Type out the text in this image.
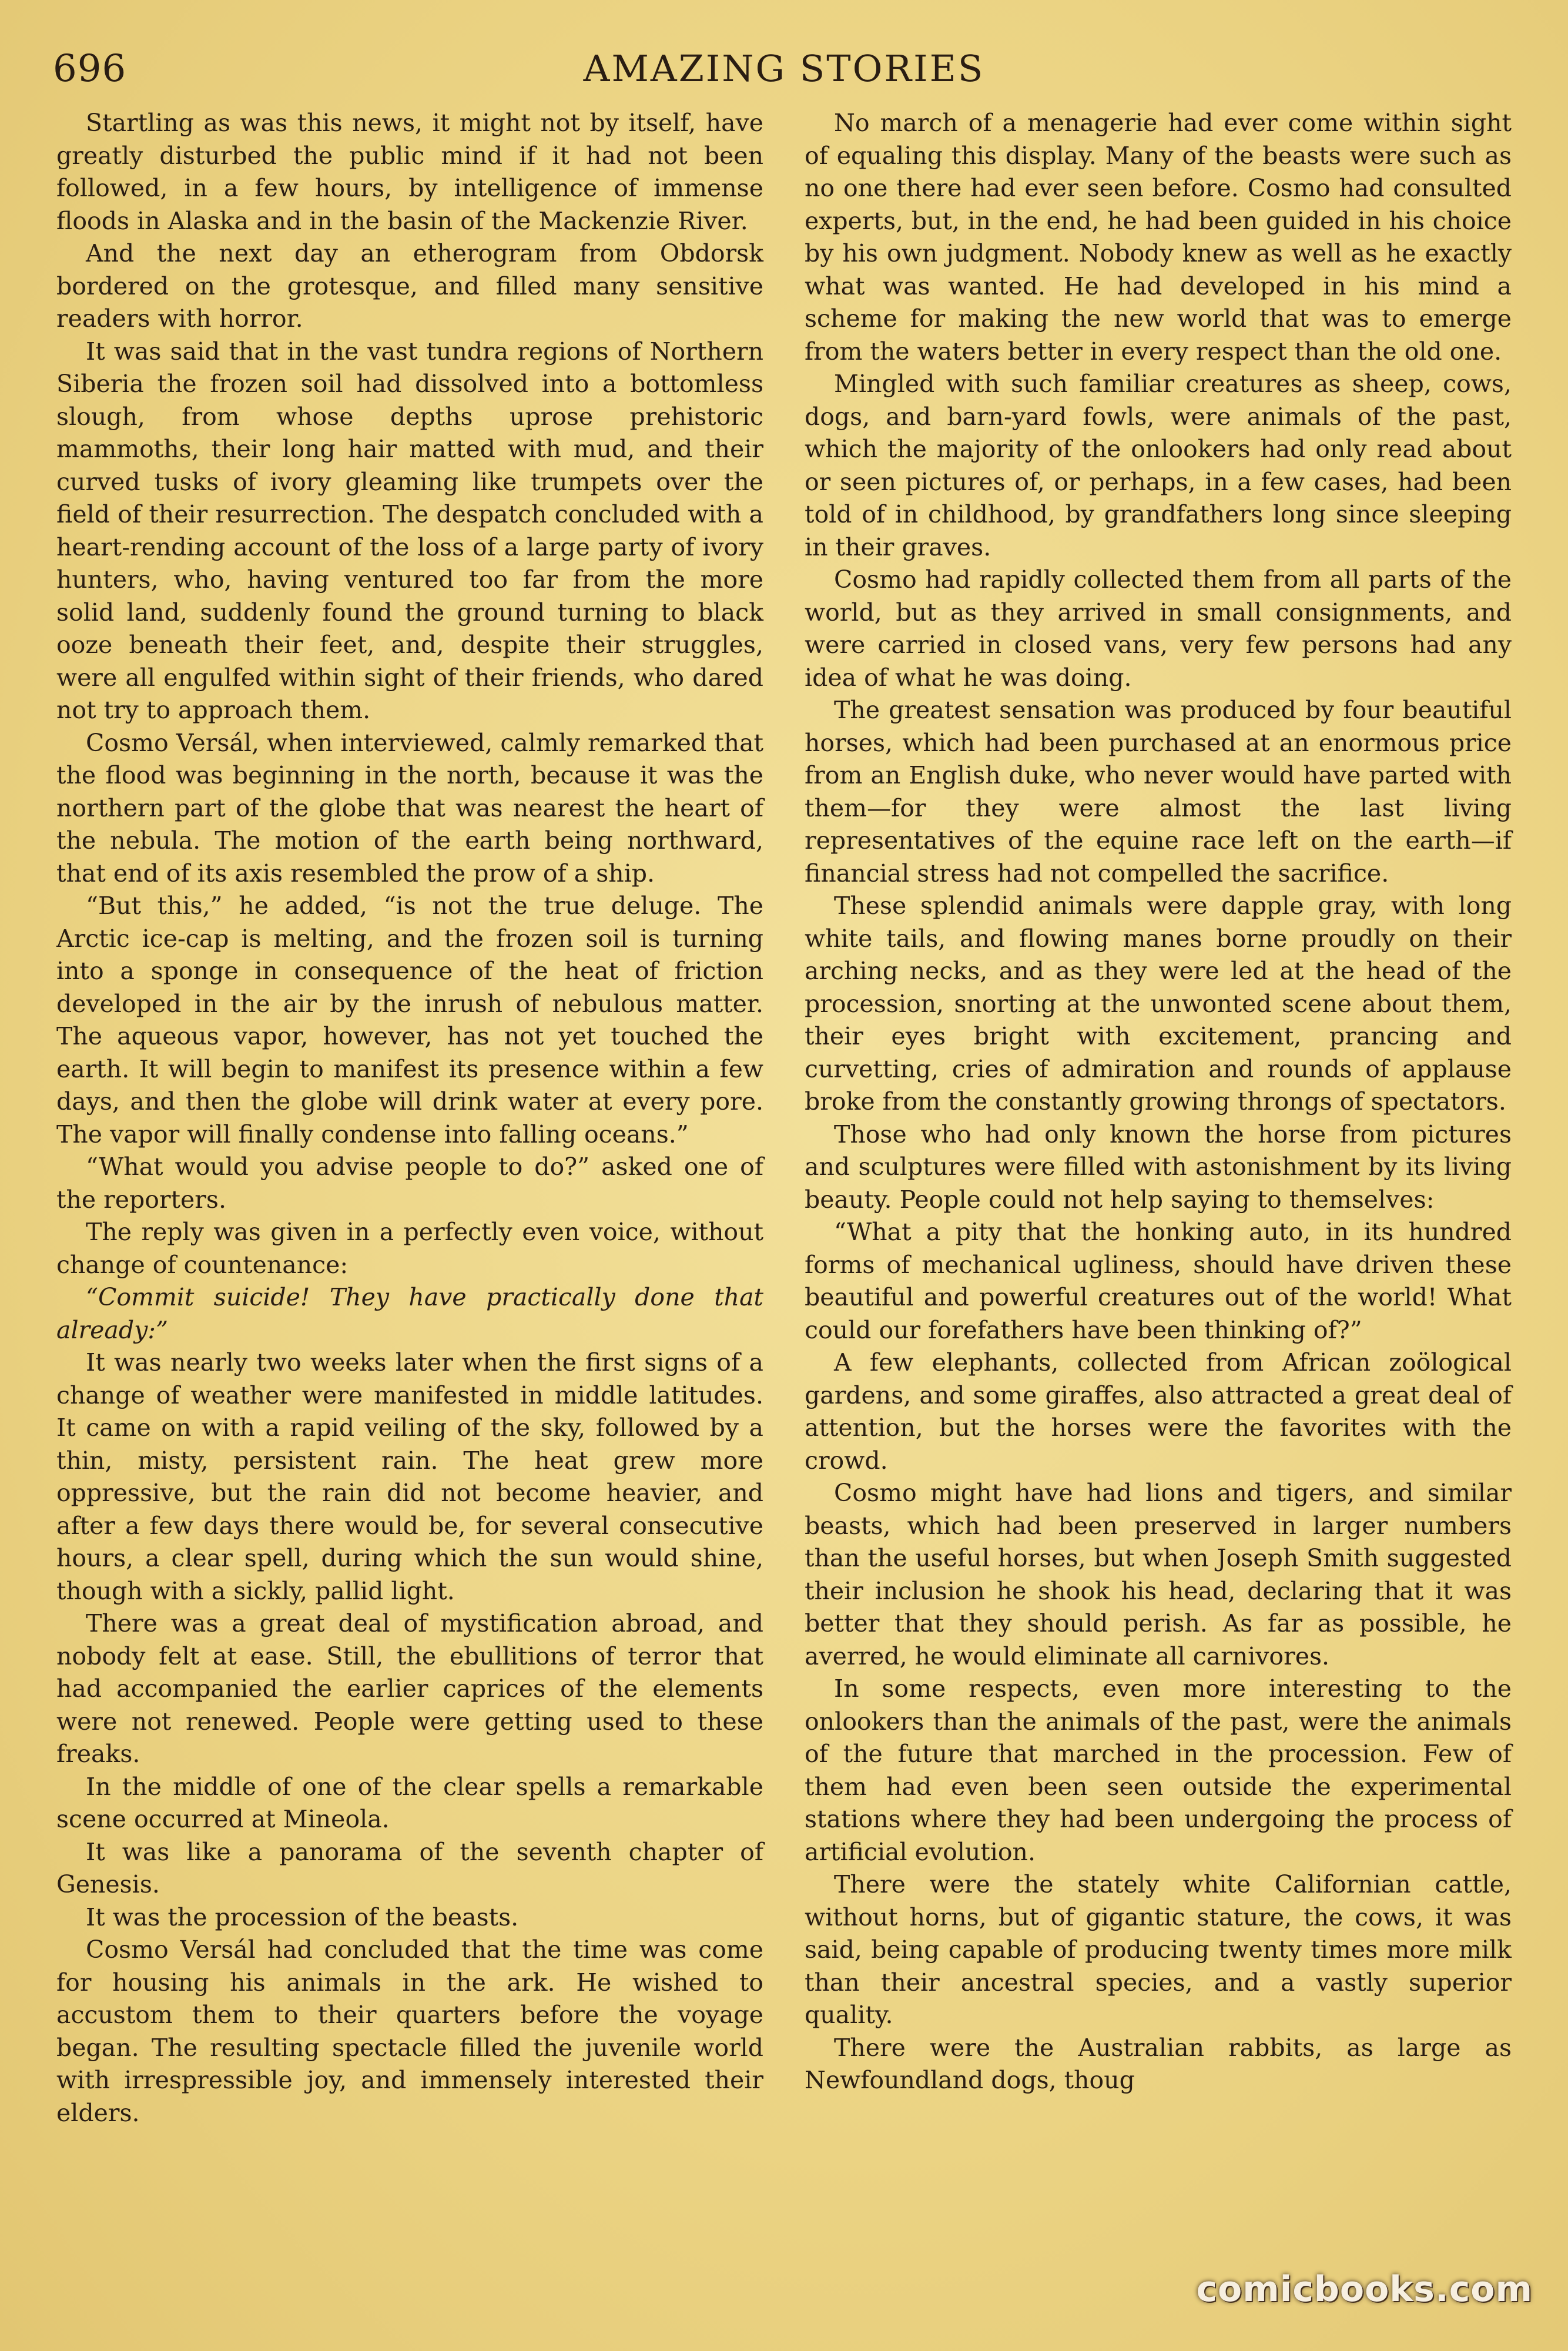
696	AMAZING STORIES

Startling as was this news, it might not by itself, have greatly disturbed the public mind if it had not been followed, in a few hours, by intelligence of immense floods in Alaska and in the basin of the Mackenzie River.

And the next day an etherogram from Obdorsk bordered on the grotesque, and filled many sensitive readers with horror.

It was said that in the vast tundra regions of Northern Siberia the frozen soil had dissolved into a bottomless slough, from whose depths uprose prehistoric mammoths, their long hair matted with mud, and their curved tusks of ivory gleaming like trumpets over the field of their resurrection. The despatch concluded with a heart-rending account of the loss of a large party of ivory hunters, who, having ventured too far from the more solid land, suddenly found the ground turning to black ooze beneath their feet, and, despite their struggles, were all engulfed within sight of their friends, who dared not try to approach them.

Cosmo Versál, when interviewed, calmly remarked that the flood was beginning in the north, because it was the northern part of the globe that was nearest the heart of the nebula. The motion of the earth being northward, that end of its axis resembled the prow of a ship.

“But this,” he added, “is not the true deluge. The Arctic ice-cap is melting, and the frozen soil is turning into a sponge in consequence of the heat of friction developed in the air by the inrush of nebulous matter. The aqueous vapor, however, has not yet touched the earth. It will begin to manifest its presence within a few days, and then the globe will drink water at every pore. The vapor will finally condense into falling oceans.”

“What would you advise people to do?” asked one of the reporters.

The reply was given in a perfectly even voice, without change of countenance:

“Commit suicide! They have practically done that already:”

It was nearly two weeks later when the first signs of a change of weather were manifested in middle latitudes. It came on with a rapid veiling of the sky, followed by a thin, misty, persistent rain. The heat grew more oppressive, but the rain did not become heavier, and after a few days there would be, for several consecutive hours, a clear spell, during which the sun would shine, though with a sickly, pallid light.

There was a great deal of mystification abroad, and nobody felt at ease. Still, the ebullitions of terror that had accompanied the earlier caprices of the elements were not renewed. People were getting used to these freaks.

In the middle of one of the clear spells a remarkable scene occurred at Mineola.

It was like a panorama of the seventh chapter of Genesis.

It was the procession of the beasts.

Cosmo Versál had concluded that the time was come for housing his animals in the ark. He wished to accustom them to their quarters before the voyage began. The resulting spectacle filled the juvenile world with irrespressible joy, and immensely interested their elders.

No march of a menagerie had ever come within sight of equaling this display. Many of the beasts were such as no one there had ever seen before. Cosmo had consulted experts, but, in the end, he had been guided in his choice by his own judgment. Nobody knew as well as he exactly what was wanted. He had developed in his mind a scheme for making the new world that was to emerge from the waters better in every respect than the old one.

Mingled with such familiar creatures as sheep, cows, dogs, and barn-yard fowls, were animals of the past, which the majority of the onlookers had only read about or seen pictures of, or perhaps, in a few cases, had been told of in childhood, by grandfathers long since sleeping in their graves.

Cosmo had rapidly collected them from all parts of the world, but as they arrived in small consignments, and were carried in closed vans, very few persons had any idea of what he was doing.

The greatest sensation was produced by four beautiful horses, which had been purchased at an enormous price from an English duke, who never would have parted with them—for they were almost the last living representatives of the equine race left on the earth—if financial stress had not compelled the sacrifice.

These splendid animals were dapple gray, with long white tails, and flowing manes borne proudly on their arching necks, and as they were led at the head of the procession, snorting at the unwonted scene about them, their eyes bright with excitement, prancing and curvetting, cries of admiration and rounds of applause broke from the constantly growing throngs of spectators.

Those who had only known the horse from pictures and sculptures were filled with astonishment by its living beauty. People could not help saying to themselves:

“What a pity that the honking auto, in its hundred forms of mechanical ugliness, should have driven these beautiful and powerful creatures out of the world! What could our forefathers have been thinking of?”

A few elephants, collected from African zoölogical gardens, and some giraffes, also attracted a great deal of attention, but the horses were the favorites with the crowd.

Cosmo might have had lions and tigers, and similar beasts, which had been preserved in larger numbers than the useful horses, but when Joseph Smith suggested their inclusion he shook his head, declaring that it was better that they should perish. As far as possible, he averred, he would eliminate all carnivores.

In some respects, even more interesting to the onlookers than the animals of the past, were the animals of the future that marched in the procession. Few of them had even been seen outside the experimental stations where they had been undergoing the process of artificial evolution.

There were the stately white Californian cattle, without horns, but of gigantic stature, the cows, it was said, being capable of producing twenty times more milk than their ancestral species, and a vastly superior quality.

There were the Australian rabbits, as large as Newfoundland dogs, thoug

comicbooks.com
